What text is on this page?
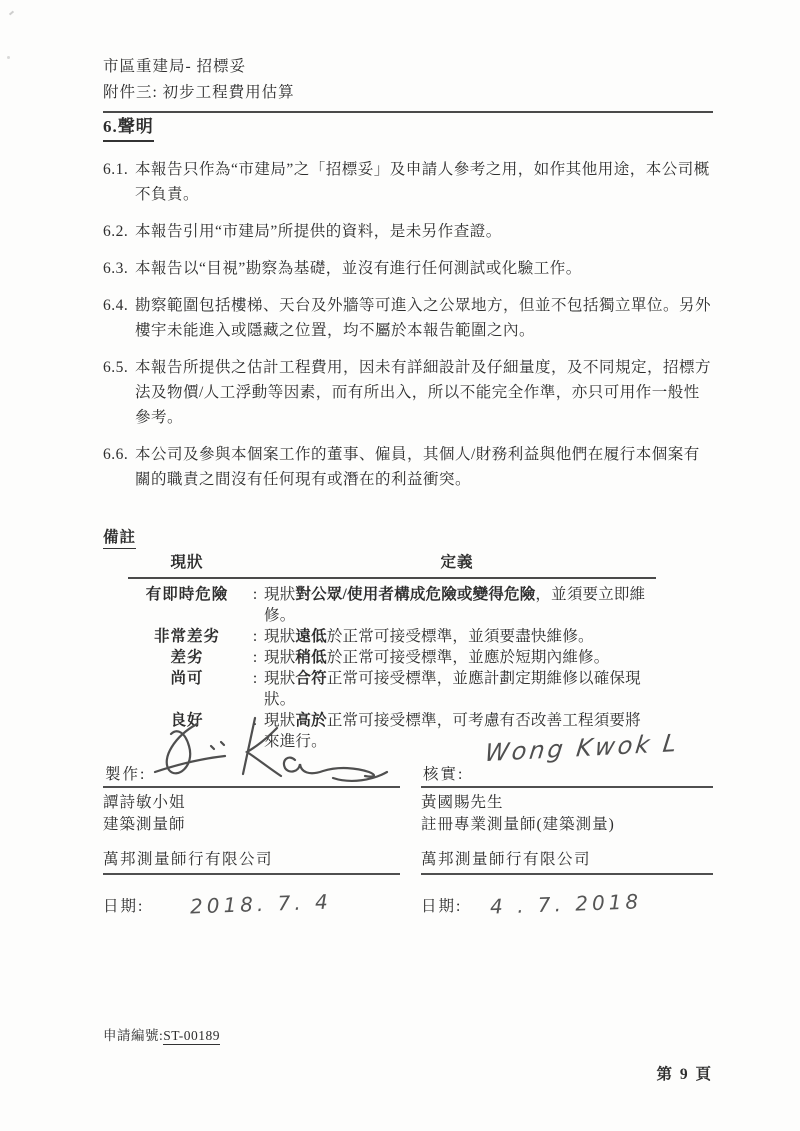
市區重建局- 招標妥
附件三: 初步工程費用估算
6.聲明
6.1. 本報告只作為“市建局”之「招標妥」及申請人參考之用，如作其他用途，本公司概不負責。
6.2. 本報告引用“市建局”所提供的資料，是未另作查證。
6.3. 本報告以“目視”勘察為基礎，並沒有進行任何測試或化驗工作。
6.4. 勘察範圍包括樓梯、天台及外牆等可進入之公眾地方，但並不包括獨立單位。另外樓宇未能進入或隱藏之位置，均不屬於本報告範圍之內。
6.5. 本報告所提供之估計工程費用，因未有詳細設計及仔細量度，及不同規定，招標方法及物價/人工浮動等因素，而有所出入，所以不能完全作準，亦只可用作一般性參考。
6.6. 本公司及參與本個案工作的董事、僱員，其個人/財務利益與他們在履行本個案有關的職責之間沒有任何現有或潛在的利益衝突。
備註
現狀	定義
有即時危險	: 現狀對公眾/使用者構成危險或變得危險，並須要立即維修。
非常差劣	: 現狀遠低於正常可接受標準，並須要盡快維修。
差劣	: 現狀稍低於正常可接受標準，並應於短期內維修。
尚可	: 現狀合符正常可接受標準，並應計劃定期維修以確保現狀。
良好	: 現狀高於正常可接受標準，可考慮有否改善工程須要將來進行。
製作:
譚詩敏小姐
建築測量師
萬邦測量師行有限公司
日期: 2018. 7. 4
核實:
Wong Kwok L
黃國賜先生
註冊專業測量師(建築測量)
萬邦測量師行有限公司
日期: 4 . 7. 2018
申請編號:ST-00189
第 9 頁
